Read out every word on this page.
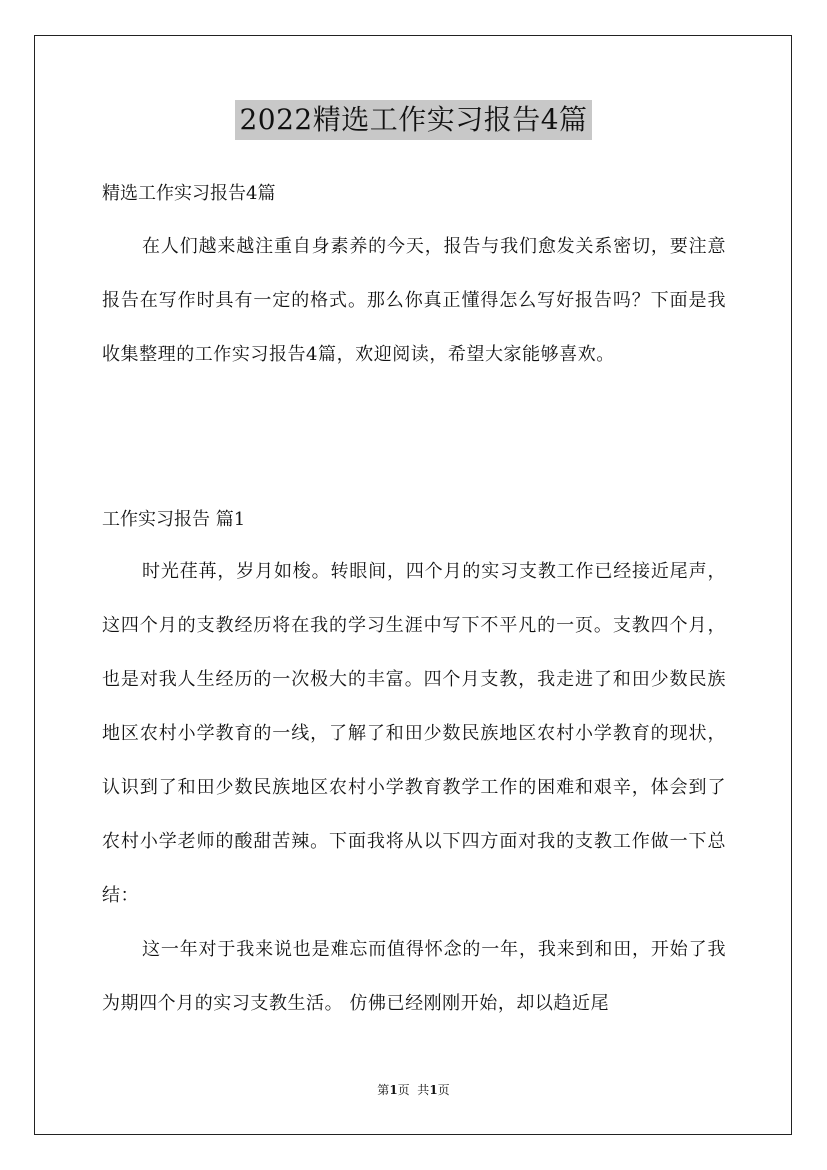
2022精选工作实习报告4篇
精选工作实习报告4篇

在人们越来越注重自身素养的今天，报告与我们愈发关系密切，要注意报告在写作时具有一定的格式。那么你真正懂得怎么写好报告吗？下面是我收集整理的工作实习报告4篇，欢迎阅读，希望大家能够喜欢。

工作实习报告 篇1

时光荏苒，岁月如梭。转眼间，四个月的实习支教工作已经接近尾声，这四个月的支教经历将在我的学习生涯中写下不平凡的一页。支教四个月，也是对我人生经历的一次极大的丰富。四个月支教，我走进了和田少数民族地区农村小学教育的一线，了解了和田少数民族地区农村小学教育的现状，认识到了和田少数民族地区农村小学教育教学工作的困难和艰辛，体会到了农村小学老师的酸甜苦辣。下面我将从以下四方面对我的支教工作做一下总结：

这一年对于我来说也是难忘而值得怀念的一年，我来到和田，开始了我为期四个月的实习支教生活。 仿佛已经刚刚开始，却以趋近尾

第1页  共1页
